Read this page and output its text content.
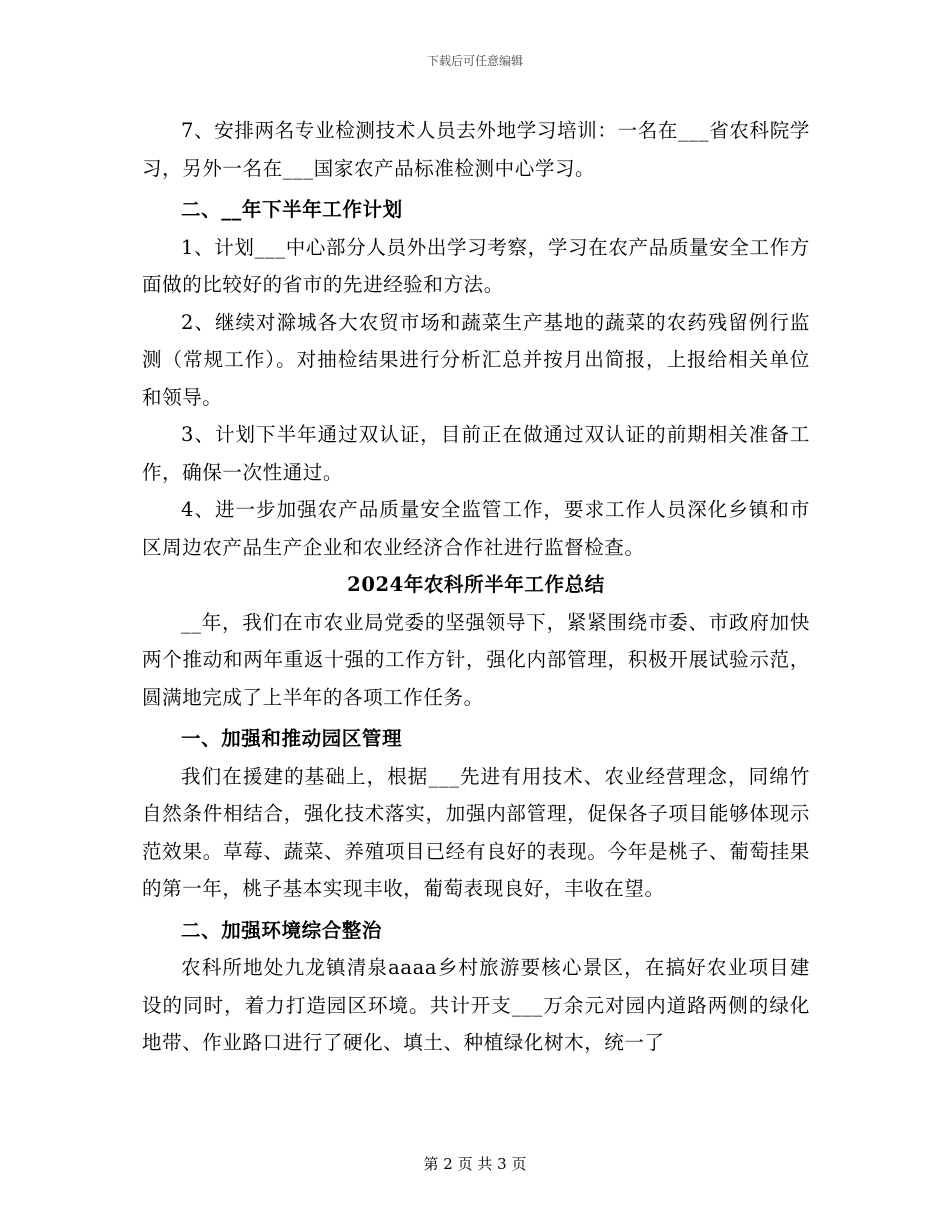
下载后可任意编辑

7、安排两名专业检测技术人员去外地学习培训：一名在___省农科院学习，另外一名在___国家农产品标准检测中心学习。

二、__年下半年工作计划

1、计划___中心部分人员外出学习考察，学习在农产品质量安全工作方面做的比较好的省市的先进经验和方法。

2、继续对滁城各大农贸市场和蔬菜生产基地的蔬菜的农药残留例行监测（常规工作）。对抽检结果进行分析汇总并按月出简报，上报给相关单位和领导。

3、计划下半年通过双认证，目前正在做通过双认证的前期相关准备工作，确保一次性通过。

4、进一步加强农产品质量安全监管工作，要求工作人员深化乡镇和市区周边农产品生产企业和农业经济合作社进行监督检查。

2024年农科所半年工作总结

__年，我们在市农业局党委的坚强领导下，紧紧围绕市委、市政府加快两个推动和两年重返十强的工作方针，强化内部管理，积极开展试验示范，圆满地完成了上半年的各项工作任务。

一、加强和推动园区管理

我们在援建的基础上，根据___先进有用技术、农业经营理念，同绵竹自然条件相结合，强化技术落实，加强内部管理，促保各子项目能够体现示范效果。草莓、蔬菜、养殖项目已经有良好的表现。今年是桃子、葡萄挂果的第一年，桃子基本实现丰收，葡萄表现良好，丰收在望。

二、加强环境综合整治

农科所地处九龙镇清泉aaaa乡村旅游要核心景区，在搞好农业项目建设的同时，着力打造园区环境。共计开支___万余元对园内道路两侧的绿化地带、作业路口进行了硬化、填土、种植绿化树木，统一了

第 2 页 共 3 页
